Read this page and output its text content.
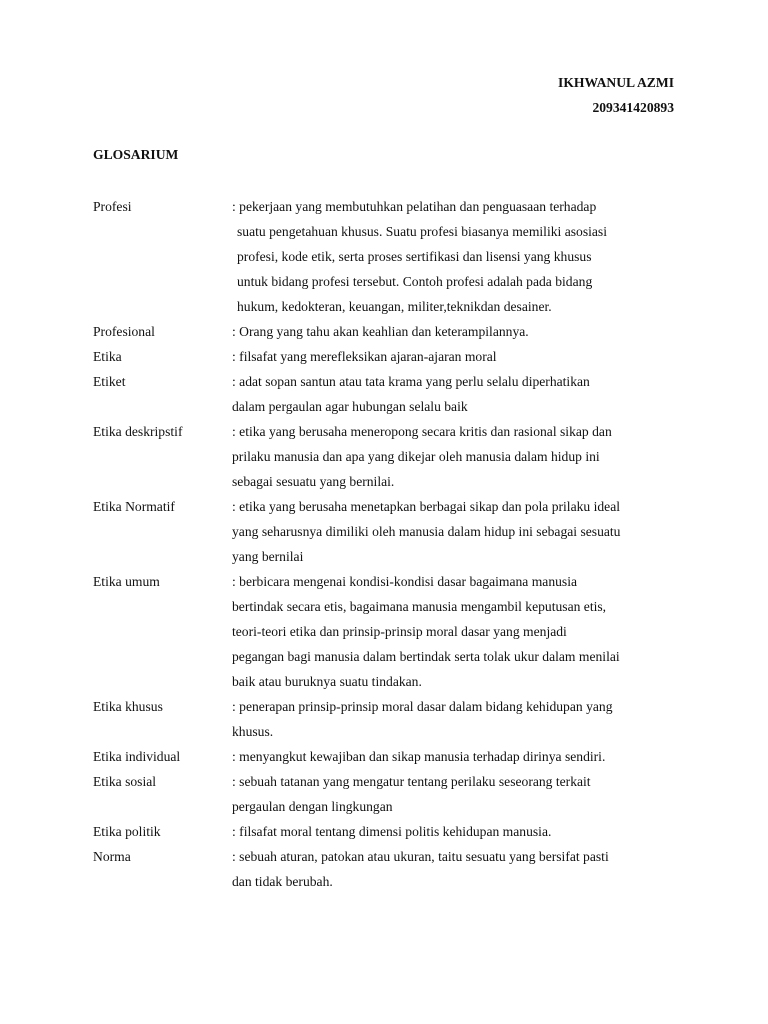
IKHWANUL AZMI
209341420893
GLOSARIUM
Profesi	: pekerjaan yang membutuhkan pelatihan dan penguasaan terhadap
suatu pengetahuan khusus. Suatu profesi biasanya memiliki asosiasi
profesi, kode etik, serta proses sertifikasi dan lisensi yang khusus
untuk bidang profesi tersebut. Contoh profesi adalah pada bidang
hukum, kedokteran, keuangan, militer,teknikdan desainer.
Profesional	: Orang yang tahu akan keahlian dan keterampilannya.
Etika	: filsafat yang merefleksikan ajaran-ajaran moral
Etiket	: adat sopan santun atau tata krama yang perlu selalu diperhatikan
dalam pergaulan agar hubungan selalu baik
Etika deskripstif	: etika yang berusaha meneropong secara kritis dan rasional sikap dan
prilaku manusia dan apa yang dikejar oleh manusia dalam hidup ini
sebagai sesuatu yang bernilai.
Etika Normatif	: etika yang berusaha menetapkan berbagai sikap dan pola prilaku ideal
yang seharusnya dimiliki oleh manusia dalam hidup ini sebagai sesuatu
yang bernilai
Etika umum	: berbicara mengenai kondisi-kondisi dasar bagaimana manusia
bertindak secara etis, bagaimana manusia mengambil keputusan etis,
teori-teori etika dan prinsip-prinsip moral dasar yang menjadi
pegangan bagi manusia dalam bertindak serta tolak ukur dalam menilai
baik atau buruknya suatu tindakan.
Etika khusus	: penerapan prinsip-prinsip moral dasar dalam bidang kehidupan yang
khusus.
Etika individual	: menyangkut kewajiban dan sikap manusia terhadap dirinya sendiri.
Etika sosial	: sebuah tatanan yang mengatur tentang perilaku seseorang terkait
pergaulan dengan lingkungan
Etika politik	: filsafat moral tentang dimensi politis kehidupan manusia.
Norma	: sebuah aturan, patokan atau ukuran, taitu sesuatu yang bersifat pasti
dan tidak berubah.
